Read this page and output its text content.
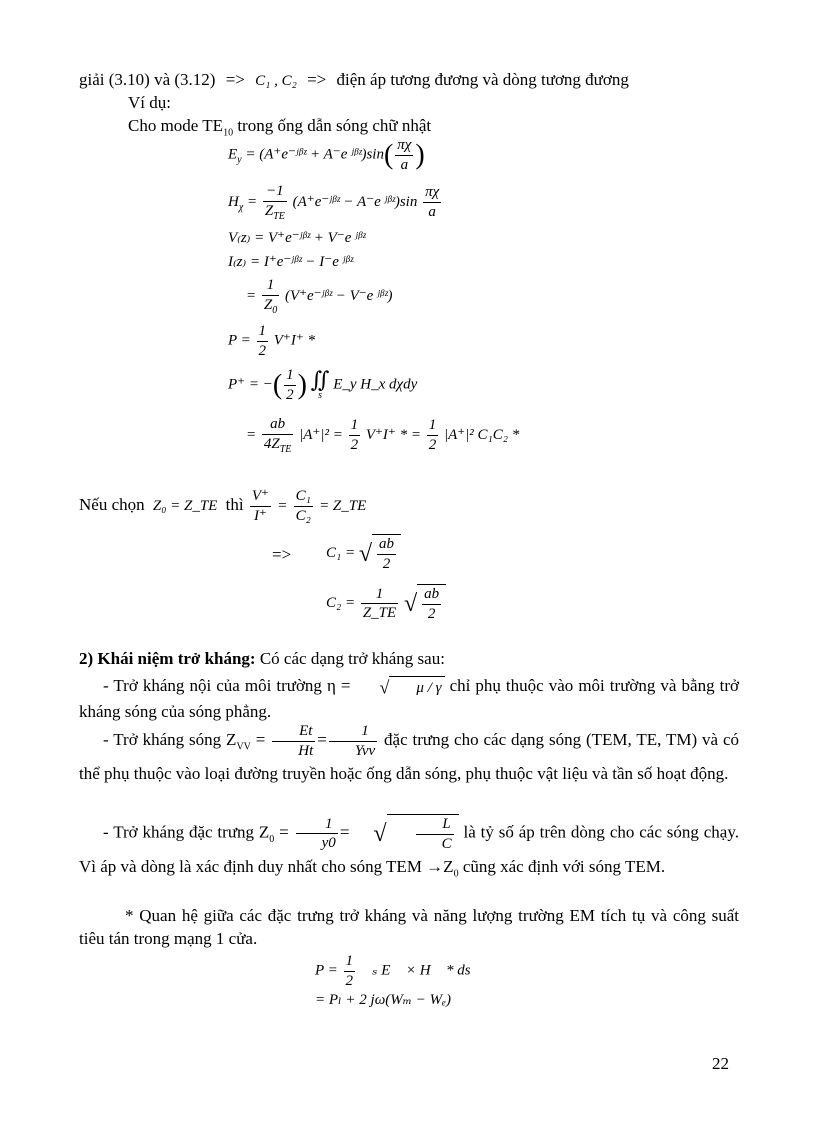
giải (3.10) và (3.12) => C₁ , C₂ => điện áp tương đương và dòng tương đương
Ví dụ:
Cho mode $TE_{10}$ trong ống dẫn sóng chữ nhật
$E_y$ = (A⁺e⁻ʲᵝᶻ + A⁻e ʲᵝᶻ)sin( $\frac{\pi\chi}{a}$ )
$H_\chi = \frac{-1}{Z_{TE}}$ (A⁺e⁻ʲᵝᶻ − A⁻e ʲᵝᶻ)sin $\frac{\pi\chi}{a}$
V₍z₎ = V⁺e⁻ʲᵝᶻ + V⁻e ʲᵝᶻ
I₍z₎ = I⁺e⁻ʲᵝᶻ − I⁻e ʲᵝᶻ
= $\frac{1}{Z_0}$ (V⁺e⁻ʲᵝᶻ − V⁻e ʲᵝᶻ)
$P = \frac{1}{2} V^+I^+$ *
P⁺ = −( $\frac{1}{2}$ ) ∬
s
E_y H_x dχdy
= $\frac{ab}{4Z_{TE}} |A^+|^2 = \frac{1}{2} V^+I^+$ * = $\frac{1}{2} |A^+|^2$ C₁C₂ *
Nếu chọn Z₀ = Z_TE thì $\frac{V^+}{I^+} = \frac{\text{C₁}}{\text{C₂}}$ = Z_TE
=> C₁ = √ $\frac{ab}{2}$
$C_2 = \frac{1}{Z\_TE}$ √ $\frac{ab}{2}$
2) Khái niệm trở kháng: Có các dạng trở kháng sau:
- Trở kháng nội của môi trường η = √ μ / γ chỉ phụ thuộc vào môi trường và bằng trở kháng sóng của sóng phẳng.
- Trở kháng sóng $Z_{VV} = \frac{Et}{Ht} = \frac{1}{\text{Yvv}}$ đặc trưng cho các dạng sóng (TEM, TE, TM) và có thể phụ thuộc vào loại đường truyền hoặc ống dẫn sóng, phụ thuộc vật liệu và tần số hoạt động.
- Trở kháng đặc trưng $Z_0 = \frac{1}{y0}$ = √ $\frac{L}{C}$ là tỷ số áp trên dòng cho các sóng chạy. Vì áp và dòng là xác định duy nhất cho sóng TEM $\to Z_0$ cũng xác định với sóng TEM.
* Quan hệ giữa các đặc trưng trở kháng và năng lượng trường EM tích tụ và công suất tiêu tán trong mạng 1 cửa.
$P = \frac{1}{2}$ ∯ₛ E⃗ × H⃗ * ds⃗
= Pₗ + 2 jω(Wₘ − Wₑ)
22
